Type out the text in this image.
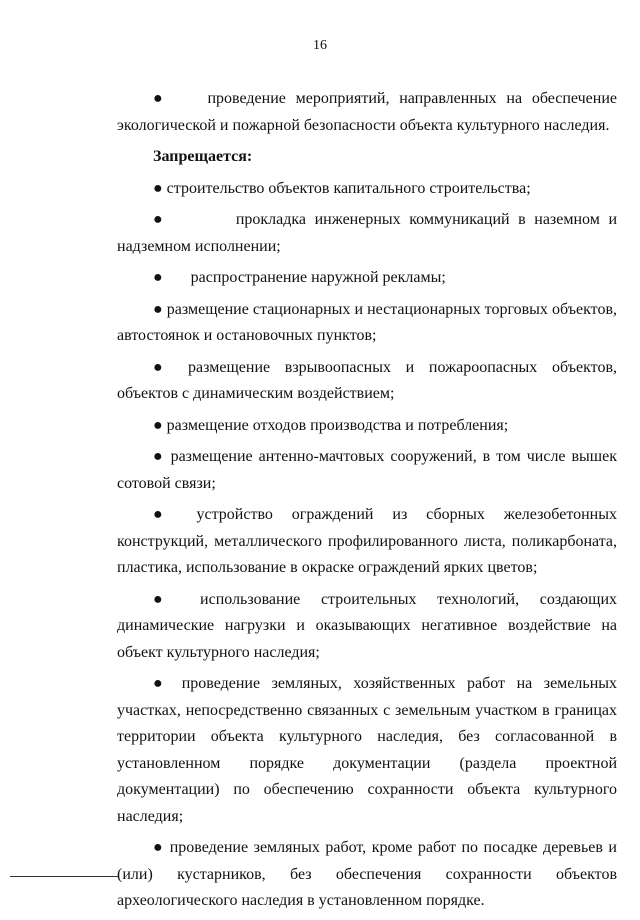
16

●    проведение мероприятий, направленных на обеспечение экологической и пожарной безопасности объекта культурного наследия.

Запрещается:

● строительство объектов капитального строительства;

●        прокладка инженерных коммуникаций в наземном и надземном исполнении;

●       распространение наружной рекламы;

● размещение стационарных и нестационарных торговых объектов, автостоянок и остановочных пунктов;

● размещение взрывоопасных и пожароопасных объектов, объектов с динамическим воздействием;

● размещение отходов производства и потребления;

● размещение антенно-мачтовых сооружений, в том числе вышек сотовой связи;

● устройство ограждений из сборных железобетонных конструкций, металлического профилированного листа, поликарбоната, пластика, использование в окраске ограждений ярких цветов;

● использование строительных технологий, создающих динамические нагрузки и оказывающих негативное воздействие на объект культурного наследия;

● проведение земляных, хозяйственных работ на земельных участках, непосредственно связанных с земельным участком в границах территории объекта культурного наследия, без согласованной в установленном порядке документации (раздела проектной документации) по обеспечению сохранности объекта культурного наследия;

● проведение земляных работ, кроме работ по посадке деревьев и (или) кустарников, без обеспечения сохранности объектов археологического наследия в установленном порядке.
